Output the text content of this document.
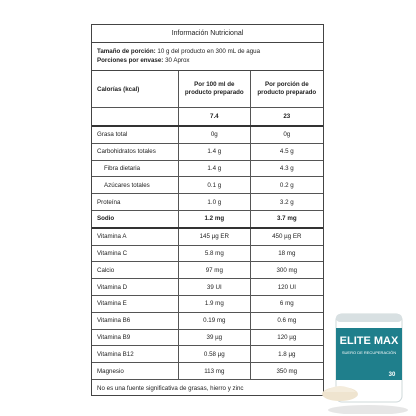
Información Nutricional
Tamaño de porción: 10 g del producto en 300 mL de agua
Porciones por envase: 30 Aprox
Calorías (kcal)	Por 100 ml de producto preparado	Por porción de producto preparado
	7.4	23
Grasa total	0g	0g
Carbohidratos totales	1.4 g	4.5 g
Fibra dietaria	1.4 g	4.3 g
Azúcares totales	0.1 g	0.2 g
Proteína	1.0 g	3.2 g
Sodio	1.2 mg	3.7 mg
Vitamina A	145 µg ER	450 µg ER
Vitamina C	5.8 mg	18 mg
Calcio	97 mg	300 mg
Vitamina D	39 UI	120 UI
Vitamina E	1.9 mg	6 mg
Vitamina B6	0.19 mg	0.6 mg
Vitamina B9	39 µg	120 µg
Vitamina B12	0.58 µg	1.8 µg
Magnesio	113 mg	350 mg
No es una fuente significativa de grasas, hierro y zinc
ELITE MAX
SUERO DE RECUPERACIÓN
30
